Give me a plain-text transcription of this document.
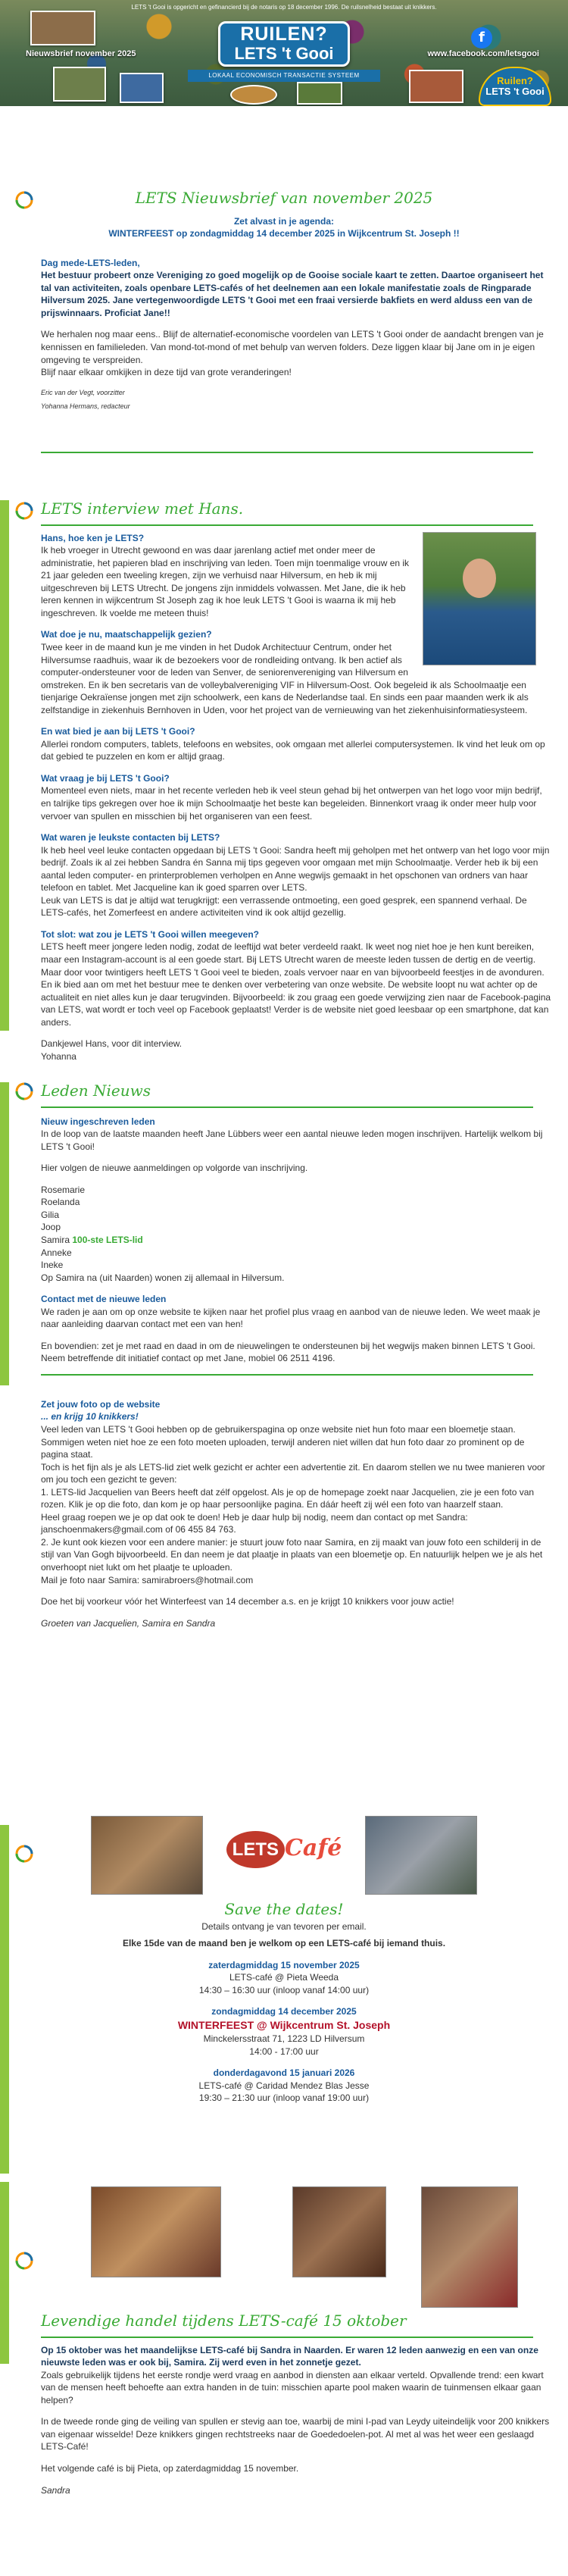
LETS 't Gooi is opgericht en gefinancierd bij de notaris op 18 december 1996. De ruilsnelheid bestaat uit knikkers.
Nieuwsbrief november 2025
RUILEN?
LETS 't Gooi
LOKAAL ECONOMISCH TRANSACTIE SYSTEEM
f
www.facebook.com/letsgooi
Ruilen?
LETS 't Gooi
LETS Nieuwsbrief van november 2025
Zet alvast in je agenda:
WINTERFEEST op zondagmiddag 14 december 2025 in Wijkcentrum St. Joseph !!
Dag mede-LETS-leden,

Het bestuur probeert onze Vereniging zo goed mogelijk op de Gooise sociale kaart te zetten. Daartoe organiseert het tal van activiteiten, zoals openbare LETS-cafés of het deelnemen aan een lokale manifestatie zoals de Ringparade Hilversum 2025. Jane vertegenwoordigde LETS 't Gooi met een fraai versierde bakfiets en werd alduss een van de prijswinnaars. Proficiat Jane!!

We herhalen nog maar eens.. Blijf de alternatief-economische voordelen van LETS 't Gooi onder de aandacht brengen van je kennissen en familieleden. Van mond-tot-mond of met behulp van werven folders. Deze liggen klaar bij Jane om in je eigen omgeving te verspreiden.

Blijf naar elkaar omkijken in deze tijd van grote veranderingen!

Eric van der Vegt, voorzitter
Yohanna Hermans, redacteur
LETS interview met Hans.
Hans, hoe ken je LETS?

Ik heb vroeger in Utrecht gewoond en was daar jarenlang actief met onder meer de administratie, het papieren blad en inschrijving van leden. Toen mijn toenmalige vrouw en ik 21 jaar geleden een tweeling kregen, zijn we verhuisd naar Hilversum, en heb ik mij uitgeschreven bij LETS Utrecht. De jongens zijn inmiddels volwassen. Met Jane, die ik heb leren kennen in wijkcentrum St Joseph zag ik hoe leuk LETS 't Gooi is waarna ik mij heb ingeschreven. Ik voelde me meteen thuis!

Wat doe je nu, maatschappelijk gezien?

Twee keer in de maand kun je me vinden in het Dudok Architectuur Centrum, onder het Hilversumse raadhuis, waar ik de bezoekers voor de rondleiding ontvang. Ik ben actief als computer-ondersteuner voor de leden van Senver, de seniorenvereniging van Hilversum en omstreken. En ik ben secretaris van de volleybalvereniging VIF in Hilversum-Oost. Ook begeleid ik als Schoolmaatje een tienjarige Oekraïense jongen met zijn schoolwerk, een kans de Nederlandse taal. En sinds een paar maanden werk ik als zelfstandige in ziekenhuis Bernhoven in Uden, voor het project van de vernieuwing van het ziekenhuisinformatiesysteem.

En wat bied je aan bij LETS 't Gooi?

Allerlei rondom computers, tablets, telefoons en websites, ook omgaan met allerlei computersystemen. Ik vind het leuk om op dat gebied te puzzelen en kom er altijd graag.

Wat vraag je bij LETS 't Gooi?

Momenteel even niets, maar in het recente verleden heb ik veel steun gehad bij het ontwerpen van het logo voor mijn bedrijf, en talrijke tips gekregen over hoe ik mijn Schoolmaatje het beste kan begeleiden. Binnenkort vraag ik onder meer hulp voor vervoer van spullen en misschien bij het organiseren van een feest.

Wat waren je leukste contacten bij LETS?

Ik heb heel veel leuke contacten opgedaan bij LETS 't Gooi: Sandra heeft mij geholpen met het ontwerp van het logo voor mijn bedrijf. Zoals ik al zei hebben Sandra én Sanna mij tips gegeven voor omgaan met mijn Schoolmaatje. Verder heb ik bij een aantal leden computer- en printerproblemen verholpen en Anne wegwijs gemaakt in het opschonen van ordners van haar telefoon en tablet. Met Jacqueline kan ik goed sparren over LETS.

Leuk van LETS is dat je altijd wat terugkrijgt: een verrassende ontmoeting, een goed gesprek, een spannend verhaal. De LETS-cafés, het Zomerfeest en andere activiteiten vind ik ook altijd gezellig.

Tot slot: wat zou je LETS 't Gooi willen meegeven?

LETS heeft meer jongere leden nodig, zodat de leeftijd wat beter verdeeld raakt. Ik weet nog niet hoe je hen kunt bereiken, maar een Instagram-account is al een goede start. Bij LETS Utrecht waren de meeste leden tussen de dertig en de veertig. Maar door voor twintigers heeft LETS 't Gooi veel te bieden, zoals vervoer naar en van bijvoorbeeld feestjes in de avonduren.

En ik bied aan om met het bestuur mee te denken over verbetering van onze website. De website loopt nu wat achter op de actualiteit en niet alles kun je daar terugvinden. Bijvoorbeeld: ik zou graag een goede verwijzing zien naar de Facebook-pagina van LETS, wat wordt er toch veel op Facebook geplaatst! Verder is de website niet goed leesbaar op een smartphone, dat kan anders.

Dankjewel Hans, voor dit interview.

Yohanna

Leden Nieuws
Nieuw ingeschreven leden

In de loop van de laatste maanden heeft Jane Lübbers weer een aantal nieuwe leden mogen inschrijven. Hartelijk welkom bij LETS 't Gooi!

Hier volgen de nieuwe aanmeldingen op volgorde van inschrijving.

Rosemarie
Roelanda
Gilia
Joop
Samira 100-ste LETS-lid
Anneke
Ineke
Op Samira na (uit Naarden) wonen zij allemaal in Hilversum.
Contact met de nieuwe leden

We raden je aan om op onze website te kijken naar het profiel plus vraag en aanbod van de nieuwe leden. We weet maak je naar aanleiding daarvan contact met een van hen!

En bovendien: zet je met raad en daad in om de nieuwelingen te ondersteunen bij het wegwijs maken binnen LETS 't Gooi. Neem betreffende dit initiatief contact op met Jane, mobiel 06 2511 4196.

Zet jouw foto op de website
... en krijg 10 knikkers!

Veel leden van LETS 't Gooi hebben op de gebruikerspagina op onze website niet hun foto maar een bloemetje staan. Sommigen weten niet hoe ze een foto moeten uploaden, terwijl anderen niet willen dat hun foto daar zo prominent op de pagina staat.

Toch is het fijn als je als LETS-lid ziet welk gezicht er achter een advertentie zit. En daarom stellen we nu twee manieren voor om jou toch een gezicht te geven:

1. LETS-lid Jacquelien van Beers heeft dat zélf opgelost. Als je op de homepage zoekt naar Jacquelien, zie je een foto van rozen. Klik je op die foto, dan kom je op haar persoonlijke pagina. En dáár heeft zij wél een foto van haarzelf staan.

Heel graag roepen we je op dat ook te doen! Heb je daar hulp bij nodig, neem dan contact op met Sandra: janschoenmakers@gmail.com of 06 455 84 763.

2. Je kunt ook kiezen voor een andere manier: je stuurt jouw foto naar Samira, en zij maakt van jouw foto een schilderij in de stijl van Van Gogh bijvoorbeeld. En dan neem je dat plaatje in plaats van een bloemetje op. En natuurlijk helpen we je als het onverhoopt niet lukt om het plaatje te uploaden.

Mail je foto naar Samira: samirabroers@hotmail.com

Doe het bij voorkeur vóór het Winterfeest van 14 december a.s. en je krijgt 10 knikkers voor jouw actie!

Groeten van Jacquelien, Samira en Sandra
LETS Café
Save the dates!
Details ontvang je van tevoren per email.
Elke 15de van de maand ben je welkom op een LETS-café bij iemand thuis.
zaterdagmiddag 15 november 2025
LETS-café @ Pieta Weeda
14:30 – 16:30 uur (inloop vanaf 14:00 uur)
zondagmiddag 14 december 2025
WINTERFEEST @ Wijkcentrum St. Joseph
Minckelersstraat 71, 1223 LD Hilversum
14:00 - 17:00 uur
donderdagavond 15 januari 2026
LETS-café @ Caridad Mendez Blas Jesse
19:30 – 21:30 uur (inloop vanaf 19:00 uur)
Levendige handel tijdens LETS-café 15 oktober

Op 15 oktober was het maandelijkse LETS-café bij Sandra in Naarden. Er waren 12 leden aanwezig en een van onze nieuwste leden was er ook bij, Samira. Zij werd even in het zonnetje gezet.

Zoals gebruikelijk tijdens het eerste rondje werd vraag en aanbod in diensten aan elkaar verteld. Opvallende trend: een kwart van de mensen heeft behoefte aan extra handen in de tuin: misschien aparte pool maken waarin de tuinmensen elkaar gaan helpen?

In de tweede ronde ging de veiling van spullen er stevig aan toe, waarbij de mini I-pad van Leydy uiteindelijk voor 200 knikkers van eigenaar wisselde! Deze knikkers gingen rechtstreeks naar de Goededoelen-pot. Al met al was het weer een geslaagd LETS-Café!

Het volgende café is bij Pieta, op zaterdagmiddag 15 november.

Sandra
